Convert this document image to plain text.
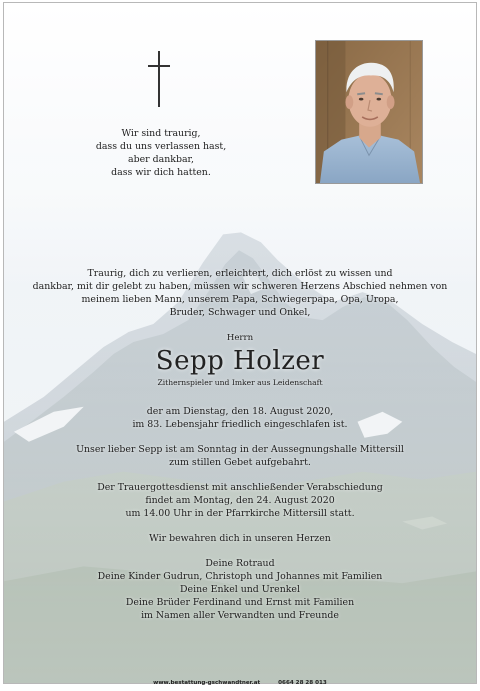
Wir sind traurig,
dass du uns verlassen hast,
aber dankbar,
dass wir dich hatten.
Traurig, dich zu verlieren, erleichtert, dich erlöst zu wissen und
dankbar, mit dir gelebt zu haben, müssen wir schweren Herzens Abschied nehmen von
meinem lieben Mann, unserem Papa, Schwiegerpapa, Opa, Uropa,
Bruder, Schwager und Onkel,
Herrn
Sepp Holzer
Zithernspieler und Imker aus Leidenschaft
der am Dienstag, den 18. August 2020,
im 83. Lebensjahr friedlich eingeschlafen ist.
Unser lieber Sepp ist am Sonntag in der Aussegnungshalle Mittersill
zum stillen Gebet aufgebahrt.
Der Trauergottesdienst mit anschließender Verabschiedung
findet am Montag, den 24. August 2020
um 14.00 Uhr in der Pfarrkirche Mittersill statt.
Wir bewahren dich in unseren Herzen
Deine Rotraud
Deine Kinder Gudrun, Christoph und Johannes mit Familien
Deine Enkel und Urenkel
Deine Brüder Ferdinand und Ernst mit Familien
im Namen aller Verwandten und Freunde
www.bestattung-gschwandtner.at	0664 28 28 013
